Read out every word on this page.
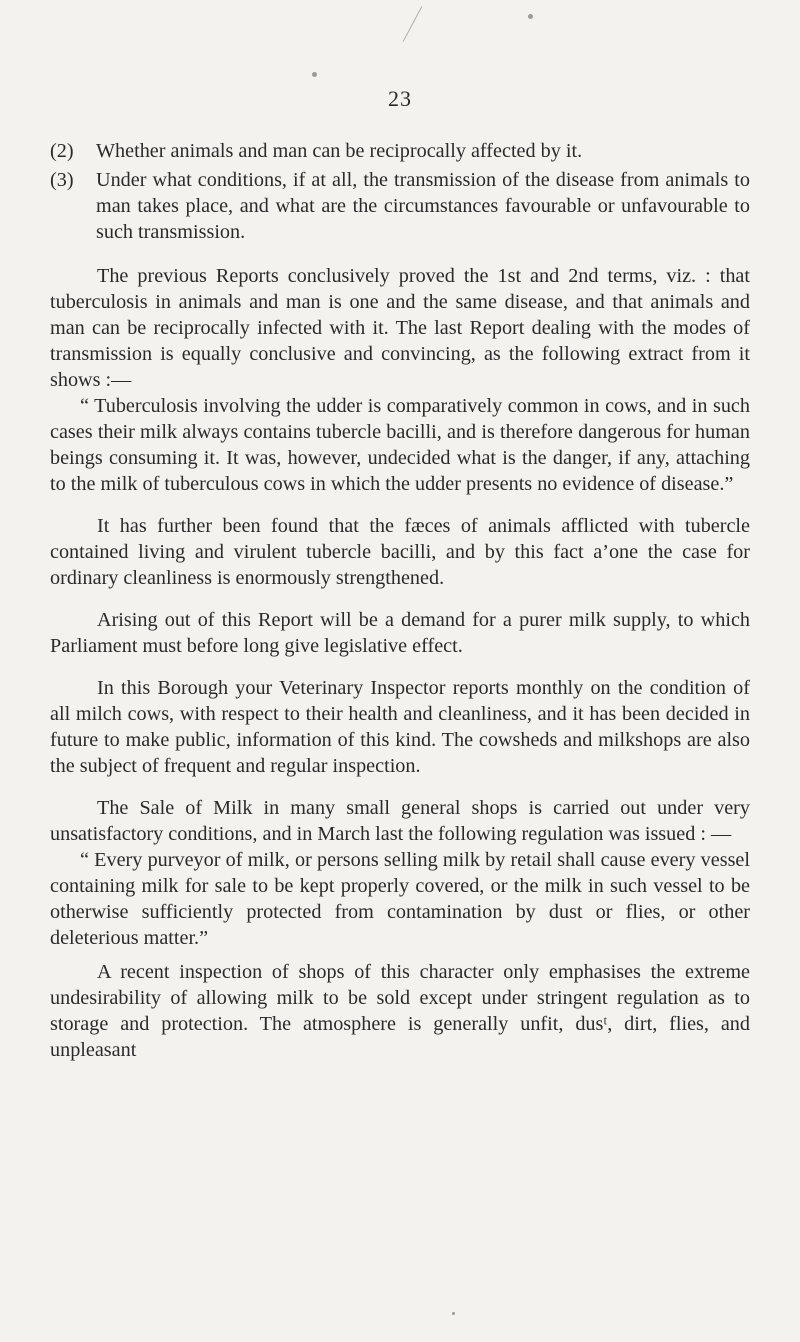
23
(2)	Whether animals and man can be reciprocally affected by it.
(3)	Under what conditions, if at all, the transmission of the disease from animals to man takes place, and what are the circumstances favourable or unfavourable to such transmission.

The previous Reports conclusively proved the 1st and 2nd terms, viz. : that tuberculosis in animals and man is one and the same disease, and that animals and man can be reciprocally infected with it. The last Report dealing with the modes of transmission is equally conclusive and convincing, as the following extract from it shows :—

“ Tuberculosis involving the udder is comparatively common in cows, and in such cases their milk always contains tubercle bacilli, and is therefore dangerous for human beings consuming it. It was, however, undecided what is the danger, if any, attaching to the milk of tuberculous cows in which the udder presents no evidence of disease.”

It has further been found that the fæces of animals afflicted with tubercle contained living and virulent tubercle bacilli, and by this fact a’one the case for ordinary cleanliness is enormously strengthened.

Arising out of this Report will be a demand for a purer milk supply, to which Parliament must before long give legislative effect.

In this Borough your Veterinary Inspector reports monthly on the condition of all milch cows, with respect to their health and cleanliness, and it has been decided in future to make public, information of this kind. The cowsheds and milkshops are also the subject of frequent and regular inspection.

The Sale of Milk in many small general shops is carried out under very unsatisfactory conditions, and in March last the following regulation was issued : —

“ Every purveyor of milk, or persons selling milk by retail shall cause every vessel containing milk for sale to be kept properly covered, or the milk in such vessel to be otherwise sufficiently protected from contamination by dust or flies, or other deleterious matter.”

A recent inspection of shops of this character only emphasises the extreme undesirability of allowing milk to be sold except under stringent regulation as to storage and protection. The atmosphere is generally unfit, dusᵗ, dirt, flies, and unpleasant
